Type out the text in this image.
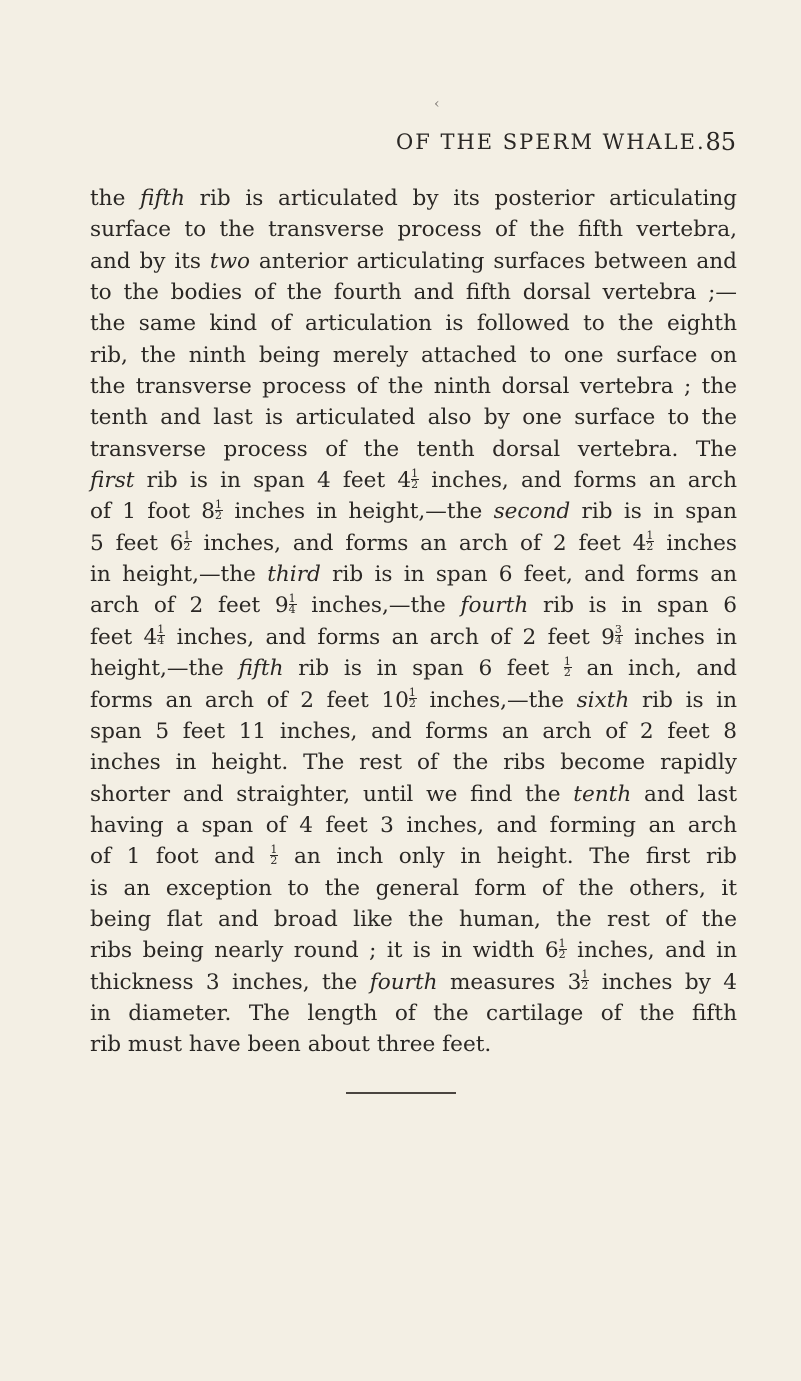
‹
OF THE SPERM WHALE. 85
the fifth rib is articulated by its posterior articulating
surface to the transverse process of the fifth vertebra,
and by its two anterior articulating surfaces between and
to the bodies of the fourth and fifth dorsal vertebra ;—
the same kind of articulation is followed to the eighth
rib, the ninth being merely attached to one surface on
the transverse process of the ninth dorsal vertebra ; the
tenth and last is articulated also by one surface to the
transverse process of the tenth dorsal vertebra. The
first rib is in span 4 feet $4 \frac{1}{2}$ inches, and forms an arch
of 1 foot $8 \frac{1}{2}$ inches in height,—the second rib is in span
5 feet $6 \frac{1}{2}$ inches, and forms an arch of 2 feet $4 \frac{1}{2}$ inches
in height,—the third rib is in span 6 feet, and forms an
arch of 2 feet $9 \frac{1}{4}$ inches,—the fourth rib is in span 6
feet $4 \frac{1}{4}$ inches, and forms an arch of 2 feet $9 \frac{3}{4}$ inches in
height,—the fifth rib is in span 6 feet $\frac{1}{2}$ an inch, and
forms an arch of 2 feet $10 \frac{1}{2}$ inches,—the sixth rib is in
span 5 feet 11 inches, and forms an arch of 2 feet 8
inches in height. The rest of the ribs become rapidly
shorter and straighter, until we find the tenth and last
having a span of 4 feet 3 inches, and forming an arch
of 1 foot and $\frac{1}{2}$ an inch only in height. The first rib
is an exception to the general form of the others, it
being flat and broad like the human, the rest of the
ribs being nearly round ; it is in width $6 \frac{1}{2}$ inches, and in
thickness 3 inches, the fourth measures $3 \frac{1}{2}$ inches by 4
in diameter. The length of the cartilage of the fifth
rib must have been about three feet.
